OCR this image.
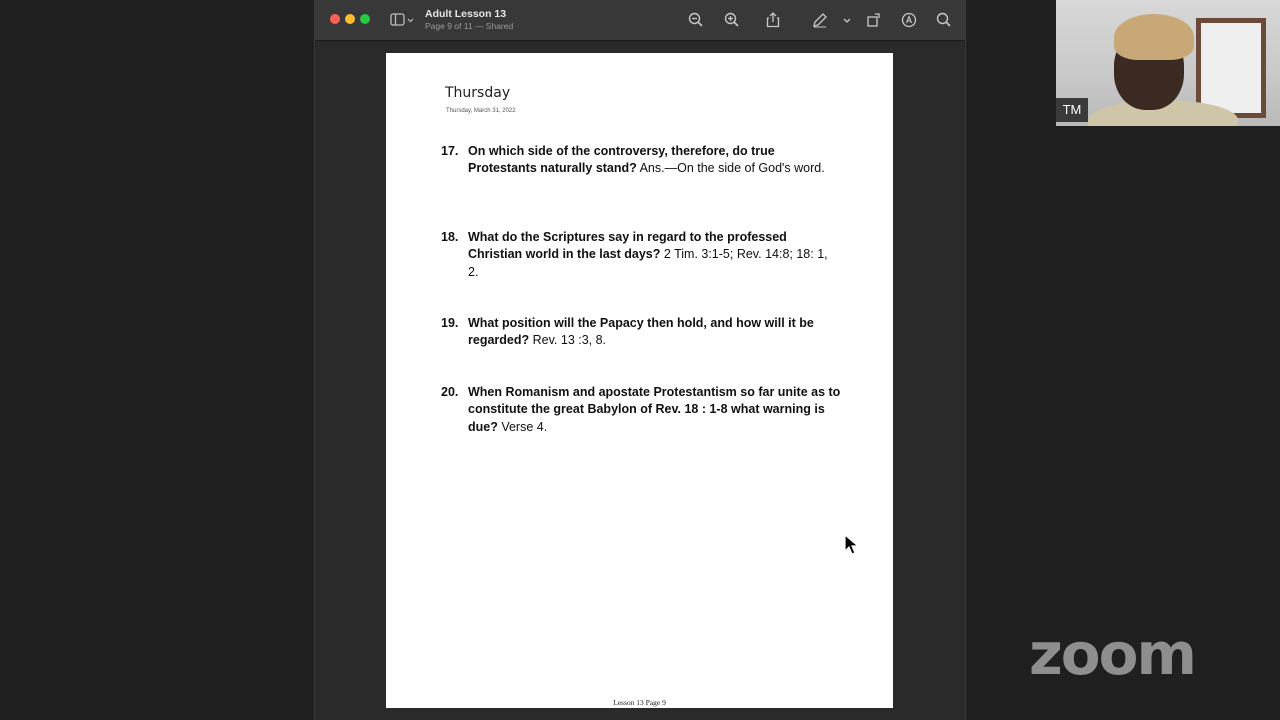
Adult Lesson 13
Page 9 of 11 — Shared
Thursday
Thursday, March 31, 2022
17. On which side of the controversy, therefore, do true Protestants naturally stand? Ans.—On the side of God's word.
18. What do the Scriptures say in regard to the professed Christian world in the last days? 2 Tim. 3:1-5; Rev. 14:8; 18: 1, 2.
19. What position will the Papacy then hold, and how will it be regarded? Rev. 13 :3, 8.
20. When Romanism and apostate Protestantism so far unite as to constitute the great Babylon of Rev. 18 : 1-8 what warning is due? Verse 4.
Lesson 13 Page 9
TM
zoom
